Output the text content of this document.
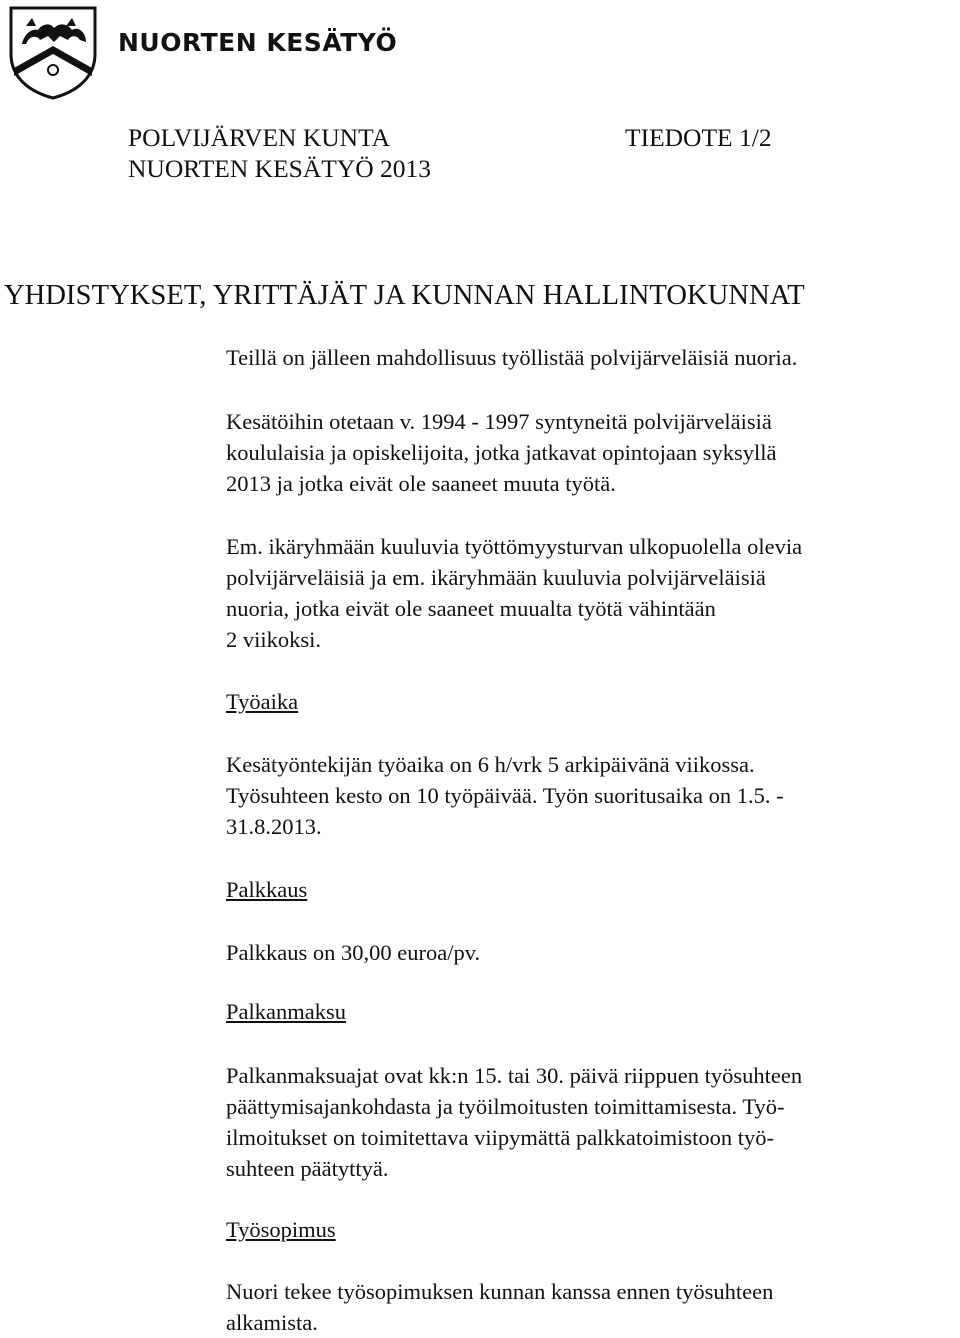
NUORTEN KESÄTYÖ
POLVIJÄRVEN KUNTA
NUORTEN KESÄTYÖ 2013
TIEDOTE 1/2
YHDISTYKSET, YRITTÄJÄT JA KUNNAN HALLINTOKUNNAT
Teillä on jälleen mahdollisuus työllistää polvijärveläisiä nuoria.
Kesätöihin otetaan v. 1994 - 1997 syntyneitä polvijärveläisiä
koululaisia ja opiskelijoita, jotka jatkavat opintojaan syksyllä
2013 ja jotka eivät ole saaneet muuta työtä.
Em. ikäryhmään kuuluvia työttömyysturvan ulkopuolella olevia
polvijärveläisiä ja em. ikäryhmään kuuluvia polvijärveläisiä
nuoria, jotka eivät ole saaneet muualta työtä vähintään
2 viikoksi.
Työaika
Kesätyöntekijän työaika on 6 h/vrk 5 arkipäivänä viikossa.
Työsuhteen kesto on 10 työpäivää. Työn suoritusaika on 1.5. -
31.8.2013.
Palkkaus
Palkkaus on 30,00 euroa/pv.
Palkanmaksu
Palkanmaksuajat ovat kk:n 15. tai 30. päivä riippuen työsuhteen
päättymisajankohdasta ja työilmoitusten toimittamisesta. Työ-
ilmoitukset on toimitettava viipymättä palkkatoimistoon työ-
suhteen päätyttyä.
Työsopimus
Nuori tekee työsopimuksen kunnan kanssa ennen työsuhteen
alkamista.
